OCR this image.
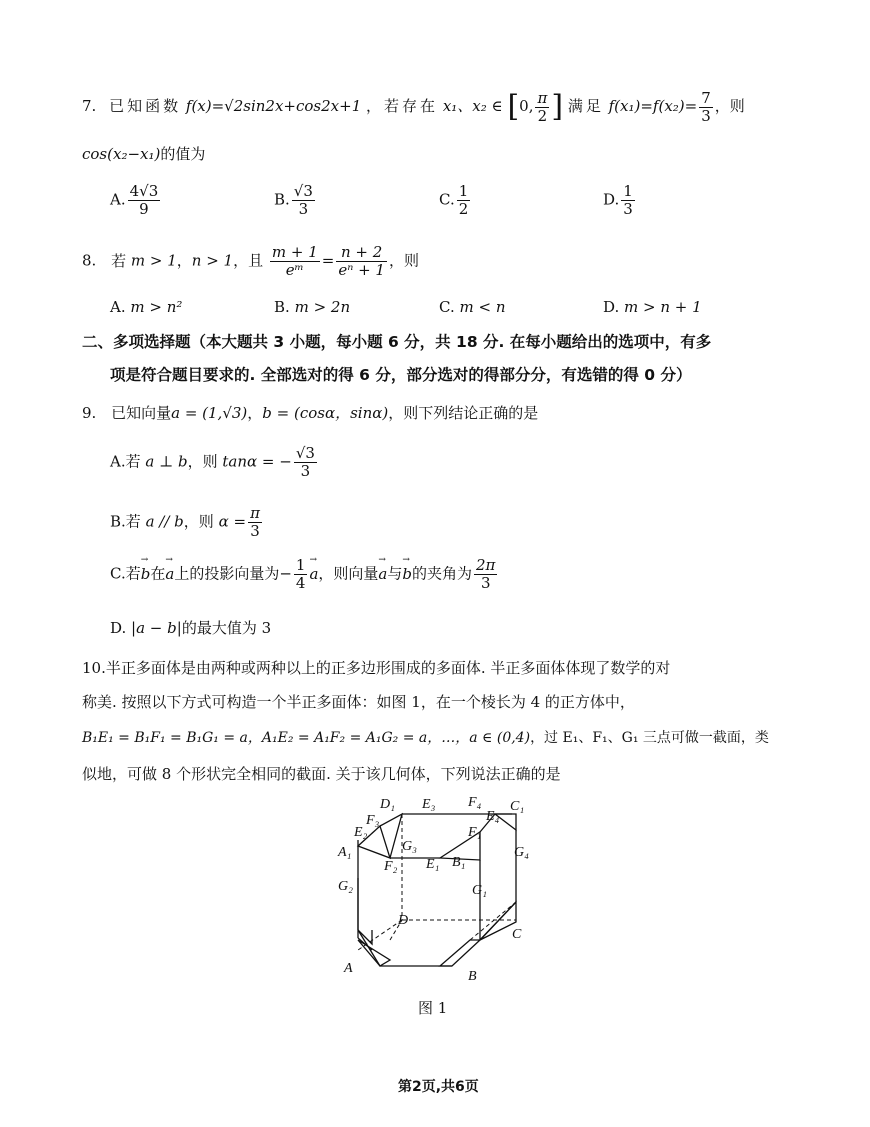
7. 已知函数 f(x)=√2sin2x+cos2x+1 ，若存在 x₁、x₂ ∈ [0, $\frac{\pi}{2}$ ] 满足 $f(x_1)=f(x_2)= \frac{7}{3}$ ，则
cos(x₂−x₁)的值为
A. $\frac{4√3}{9}$	B. $\frac{√3}{3}$	C. $\frac{1}{2}$	D. $\frac{1}{3}$
8. 若 m > 1，n > 1，且 $\frac{m + 1}{\text{eᵐ}} = \frac{n + 2}{\text{eⁿ + 1}}$ ，则
A. m > n²	B. m > 2n	C. m < n	D. m > n + 1
二、多项选择题（本大题共 3 小题，每小题 6 分，共 18 分. 在每小题给出的选项中，有多
项是符合题目要求的. 全部选对的得 6 分，部分选对的得部分分，有选错的得 0 分）
9. 已知向量a = (1,√3)，b = (cosα，sinα)，则下列结论正确的是
A.若 a ⊥ b，则 tanα = − $\frac{√3}{3}$
B.若 a // b，则 $\alpha = \frac{\pi}{3}$
C.若→ b在→ a上的投影向量为− $\frac{1}{4}$
→ a，则向量→ a与→ b的夹角为 $\frac{2\pi}{3}$
D. |a − b|的最大值为 3
10.半正多面体是由两种或两种以上的正多边形围成的多面体. 半正多面体体现了数学的对
称美. 按照以下方式可构造一个半正多面体：如图 1，在一个棱长为 4 的正方体中，
B₁E₁ = B₁F₁ = B₁G₁ = a，A₁E₂ = A₁F₂ = A₁G₂ = a，…，a ∈ (0,4)，过 E₁、F₁、G₁ 三点可做一截面，类
似地，可做 8 个形状完全相同的截面. 关于该几何体，下列说法正确的是
D₁ E₃ F₄ C₁
E₄
F₃
E₂
G₃
F₁
A₁
F₂ E₁ B₁
G₄
G₂	G₁
D
C
A
B
图 1
第2页,共6页
